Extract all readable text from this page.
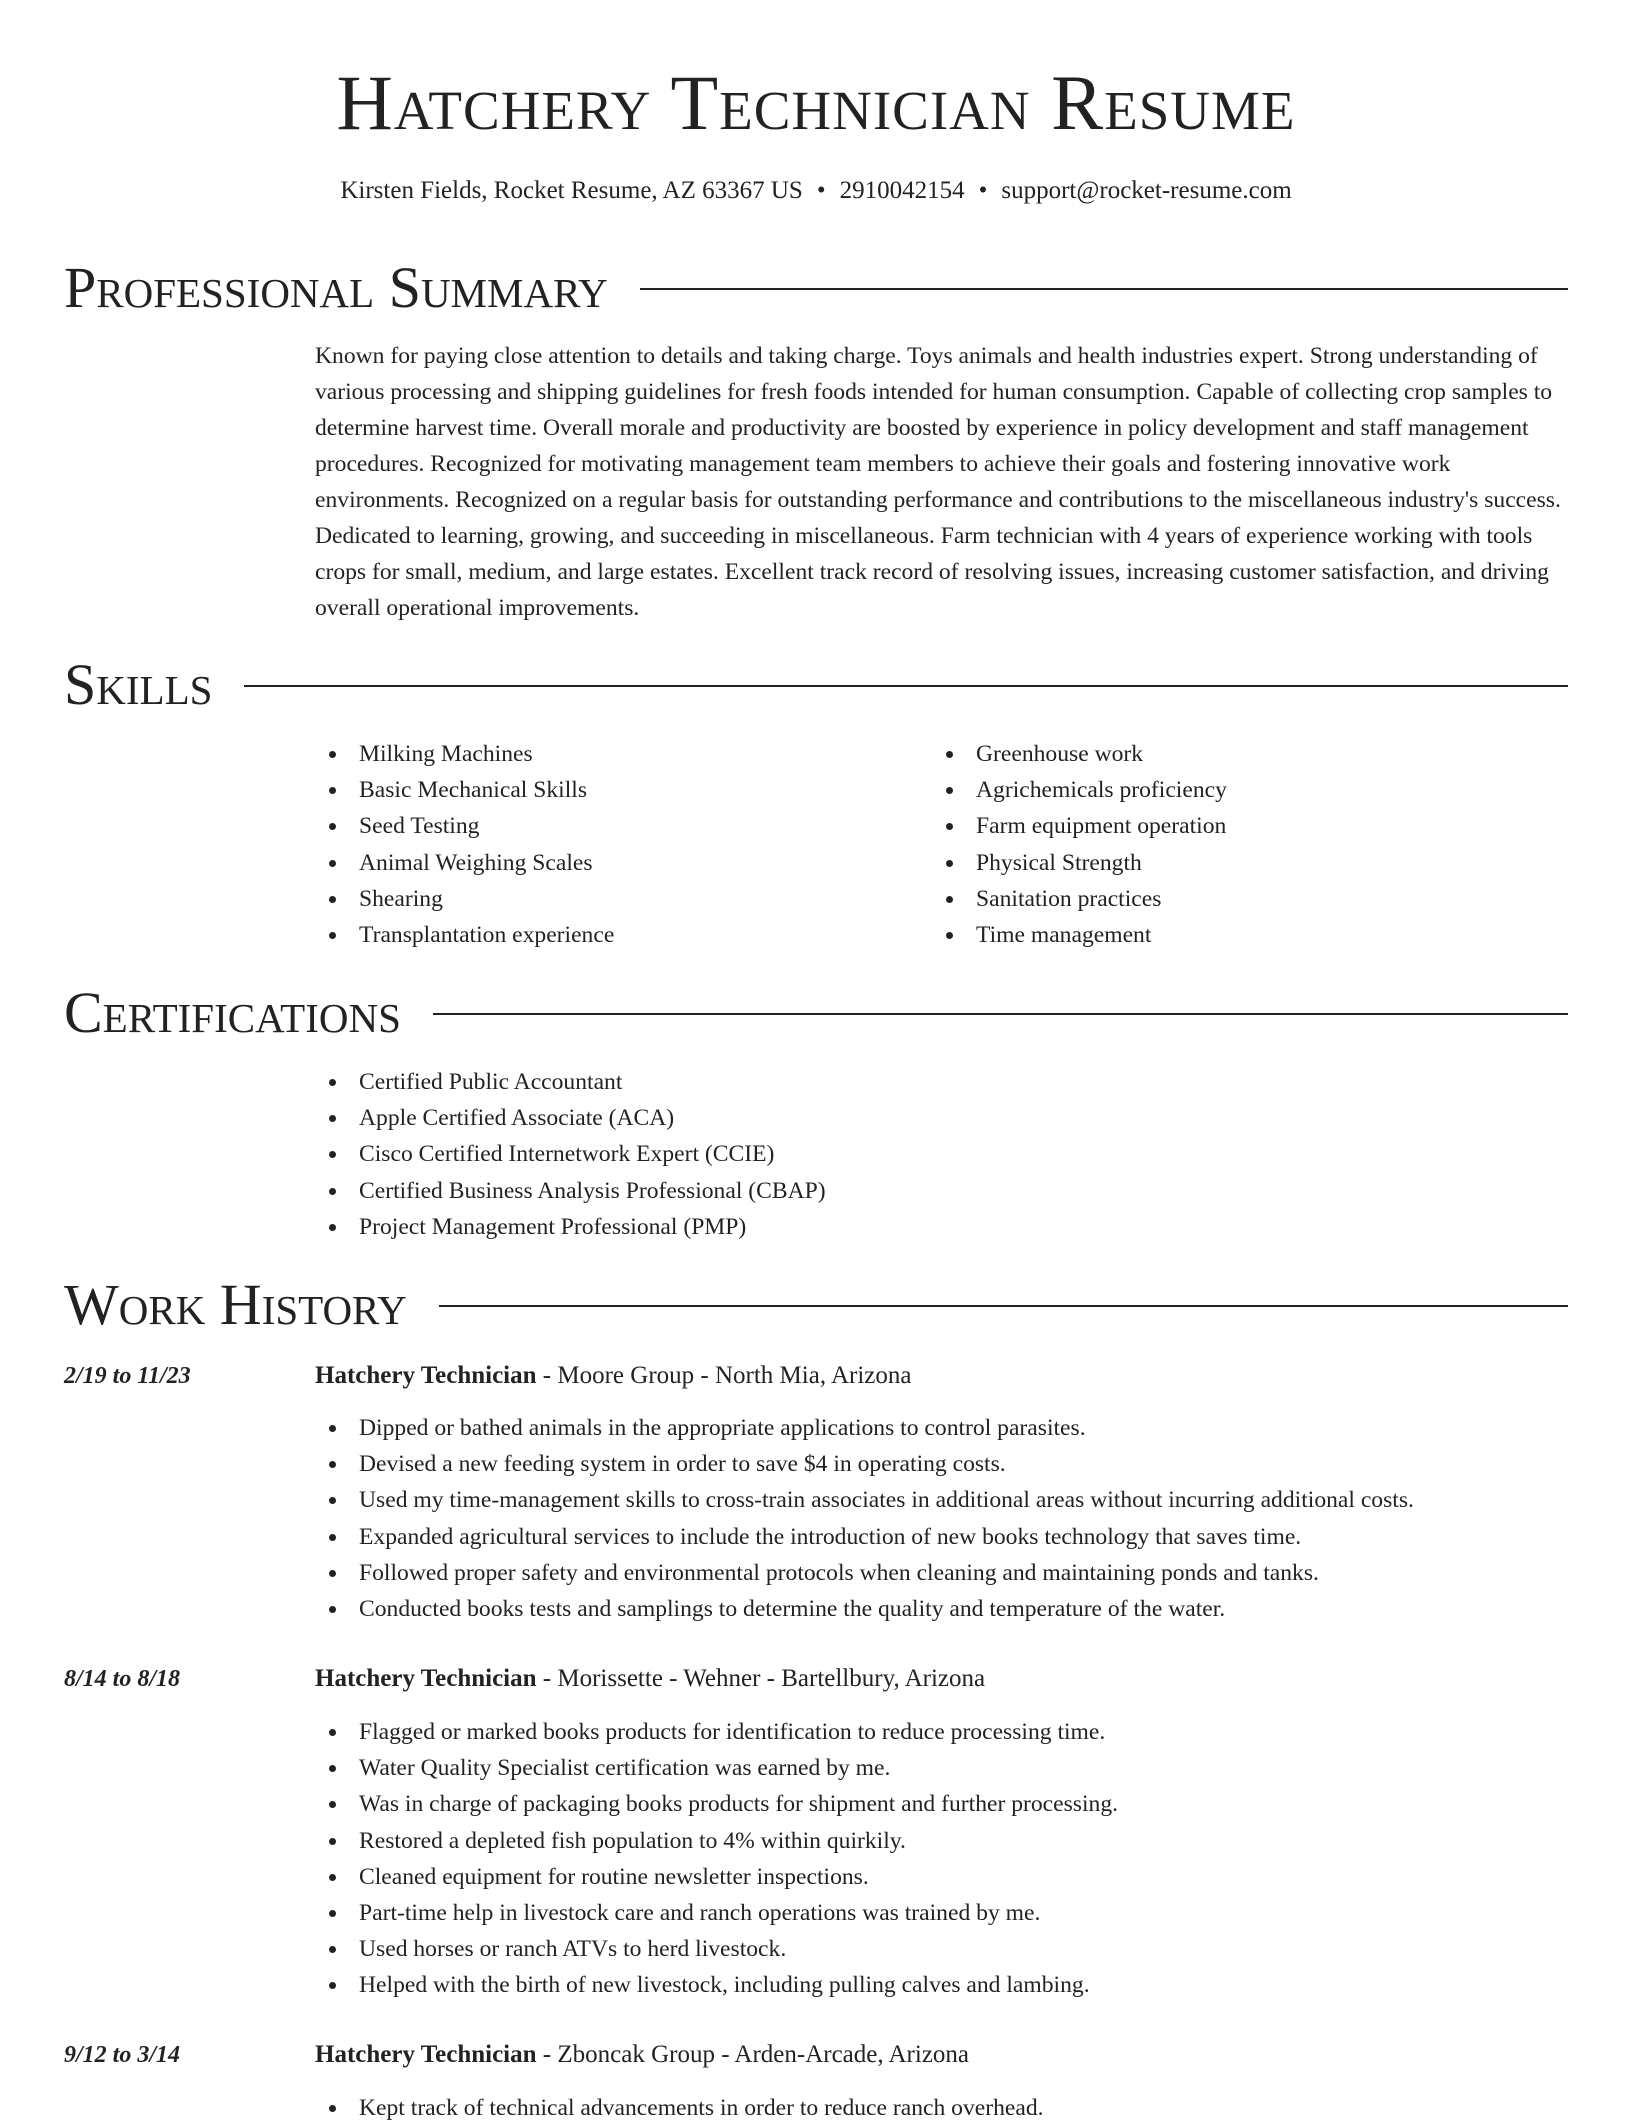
Hatchery Technician Resume
Kirsten Fields, Rocket Resume, AZ 63367 US • 2910042154 • support@rocket-resume.com
Professional Summary

Known for paying close attention to details and taking charge. Toys animals and health industries expert. Strong understanding of various processing and shipping guidelines for fresh foods intended for human consumption. Capable of collecting crop samples to determine harvest time. Overall morale and productivity are boosted by experience in policy development and staff management procedures. Recognized for motivating management team members to achieve their goals and fostering innovative work environments. Recognized on a regular basis for outstanding performance and contributions to the miscellaneous industry's success. Dedicated to learning, growing, and succeeding in miscellaneous. Farm technician with 4 years of experience working with tools crops for small, medium, and large estates. Excellent track record of resolving issues, increasing customer satisfaction, and driving overall operational improvements.

Skills
Milking Machines
Basic Mechanical Skills
Seed Testing
Animal Weighing Scales
Shearing
Transplantation experience
Greenhouse work
Agrichemicals proficiency
Farm equipment operation
Physical Strength
Sanitation practices
Time management
Certifications
Certified Public Accountant
Apple Certified Associate (ACA)
Cisco Certified Internetwork Expert (CCIE)
Certified Business Analysis Professional (CBAP)
Project Management Professional (PMP)
Work History
2/19 to 11/23	Hatchery Technician - Moore Group - North Mia, Arizona
Dipped or bathed animals in the appropriate applications to control parasites.
Devised a new feeding system in order to save $4 in operating costs.
Used my time-management skills to cross-train associates in additional areas without incurring additional costs.
Expanded agricultural services to include the introduction of new books technology that saves time.
Followed proper safety and environmental protocols when cleaning and maintaining ponds and tanks.
Conducted books tests and samplings to determine the quality and temperature of the water.
8/14 to 8/18	Hatchery Technician - Morissette - Wehner - Bartellbury, Arizona
Flagged or marked books products for identification to reduce processing time.
Water Quality Specialist certification was earned by me.
Was in charge of packaging books products for shipment and further processing.
Restored a depleted fish population to 4% within quirkily.
Cleaned equipment for routine newsletter inspections.
Part-time help in livestock care and ranch operations was trained by me.
Used horses or ranch ATVs to herd livestock.
Helped with the birth of new livestock, including pulling calves and lambing.
9/12 to 3/14	Hatchery Technician - Zboncak Group - Arden-Arcade, Arizona
Kept track of technical advancements in order to reduce ranch overhead.
